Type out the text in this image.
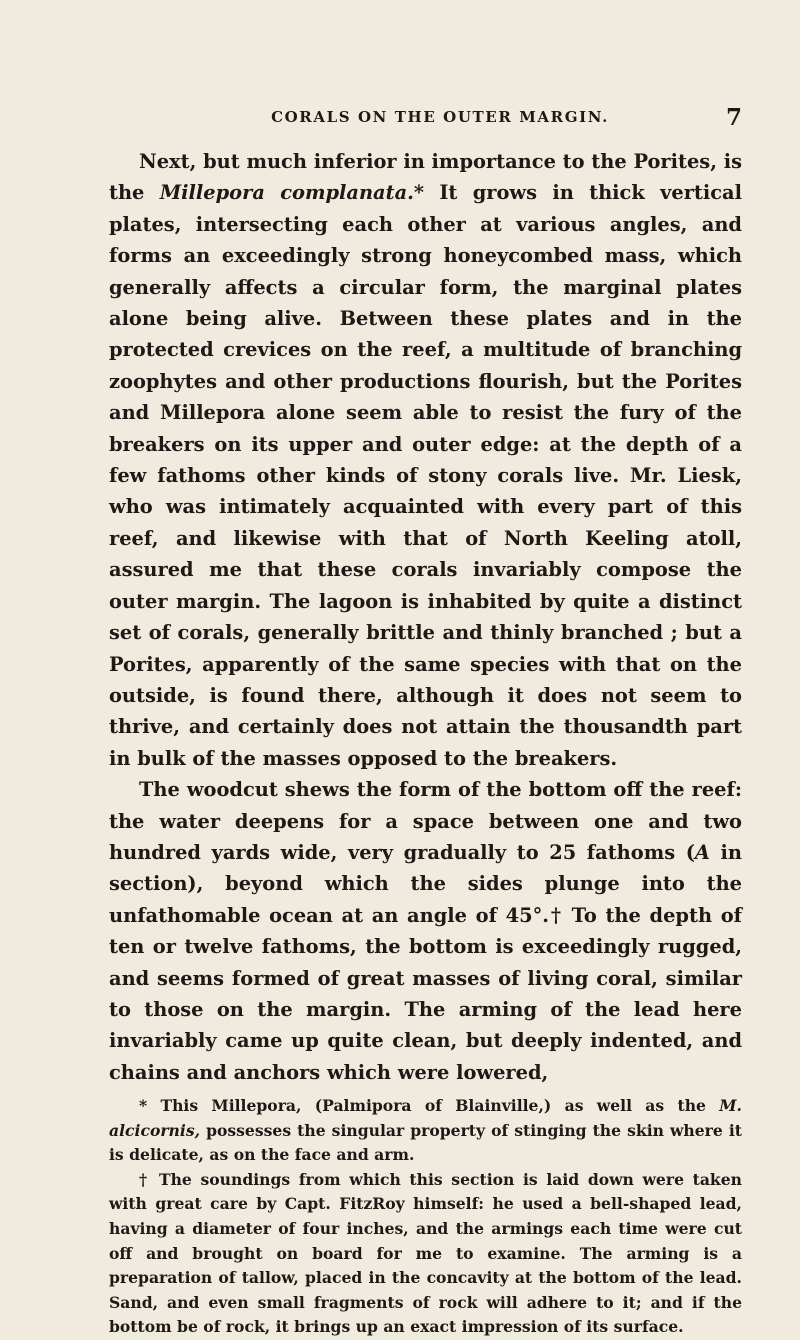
CORALS ON THE OUTER MARGIN.	7

Next, but much inferior in importance to the Porites, is the Millepora complanata.* It grows in thick vertical plates, intersecting each other at various angles, and forms an exceedingly strong honeycombed mass, which generally affects a circular form, the marginal plates alone being alive. Between these plates and in the protected crevices on the reef, a multitude of branching zoophytes and other productions flourish, but the Porites and Millepora alone seem able to resist the fury of the breakers on its upper and outer edge: at the depth of a few fathoms other kinds of stony corals live. Mr. Liesk, who was intimately acquainted with every part of this reef, and likewise with that of North Keeling atoll, assured me that these corals invariably compose the outer margin. The lagoon is inhabited by quite a distinct set of corals, generally brittle and thinly branched ; but a Porites, apparently of the same species with that on the outside, is found there, although it does not seem to thrive, and certainly does not attain the thousandth part in bulk of the masses opposed to the breakers.

The woodcut shews the form of the bottom off the reef: the water deepens for a space between one and two hundred yards wide, very gradually to 25 fathoms (A in section), beyond which the sides plunge into the unfathomable ocean at an angle of 45°.† To the depth of ten or twelve fathoms, the bottom is exceedingly rugged, and seems formed of great masses of living coral, similar to those on the margin. The arming of the lead here invariably came up quite clean, but deeply indented, and chains and anchors which were lowered,

* This Millepora, (Palmipora of Blainville,) as well as the M. alcicornis, possesses the singular property of stinging the skin where it is delicate, as on the face and arm.

† The soundings from which this section is laid down were taken with great care by Capt. FitzRoy himself: he used a bell-shaped lead, having a diameter of four inches, and the armings each time were cut off and brought on board for me to examine. The arming is a preparation of tallow, placed in the concavity at the bottom of the lead. Sand, and even small fragments of rock will adhere to it; and if the bottom be of rock, it brings up an exact impression of its surface.
